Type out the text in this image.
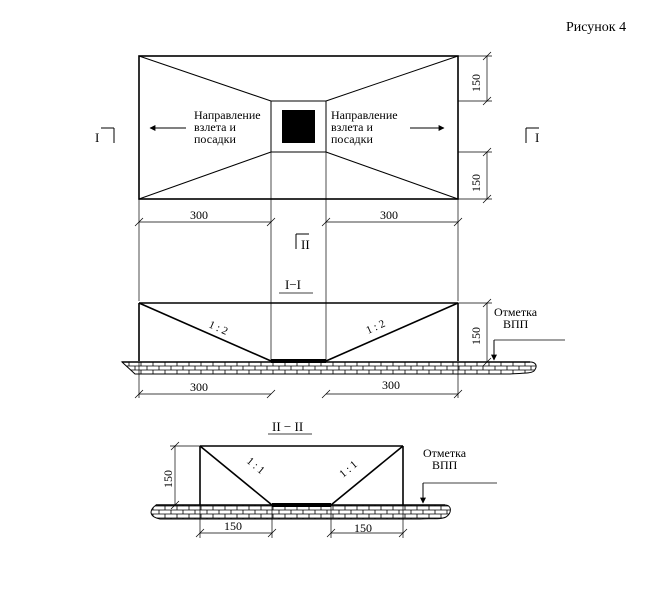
Рисунок 4
Направление взлета и посадки
Направление взлета и посадки
I	I
II
150
150
300	300
I−I
1 : 2	1 : 2	150
Отметка ВПП
300	300
II − II
1 : 1	1 : 1
150
Отметка ВПП
150	150
